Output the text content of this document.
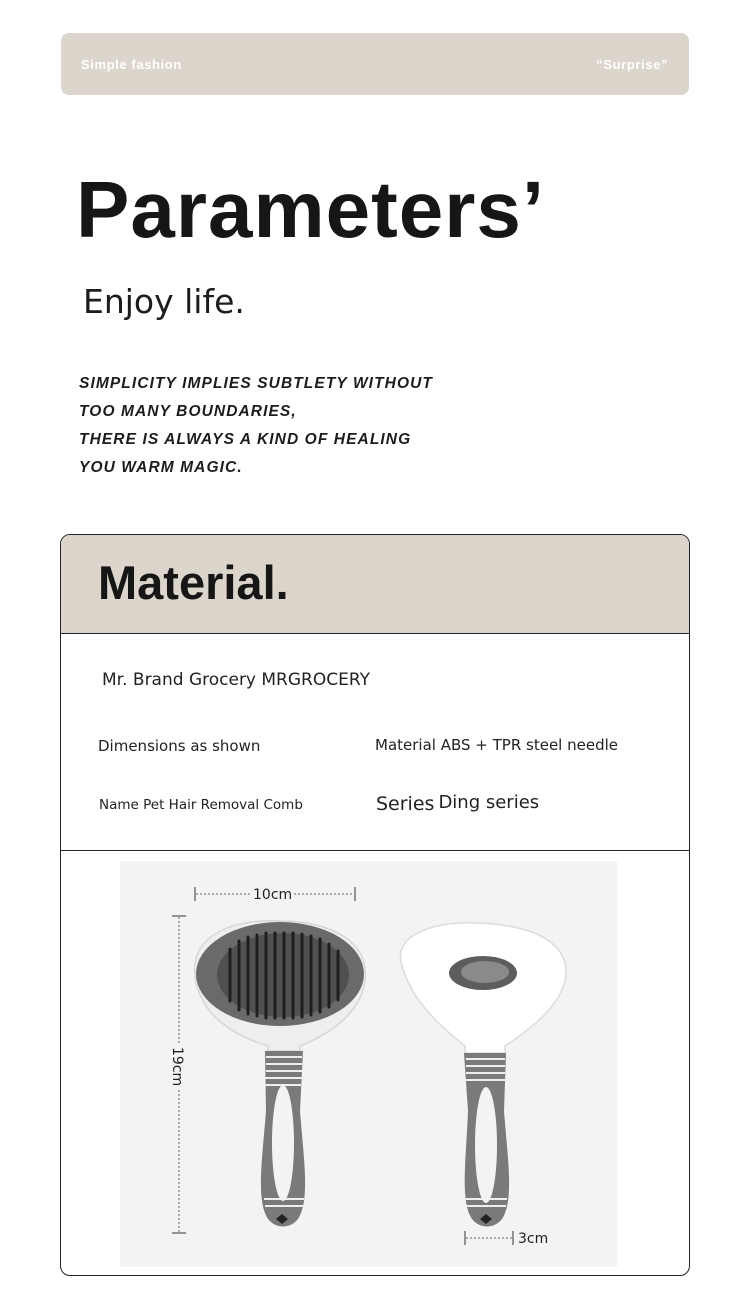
Simple fashion	“Surprise”
Parameters’
Enjoy life.
SIMPLICITY IMPLIES SUBTLETY WITHOUT
TOO MANY BOUNDARIES,
THERE IS ALWAYS A KIND OF HEALING
YOU WARM MAGIC.
Material.
Mr. Brand Grocery MRGROCERY
Dimensions as shown	Material ABS + TPR steel needle
Name Pet Hair Removal Comb	Series Ding series
10cm
19cm
3cm
